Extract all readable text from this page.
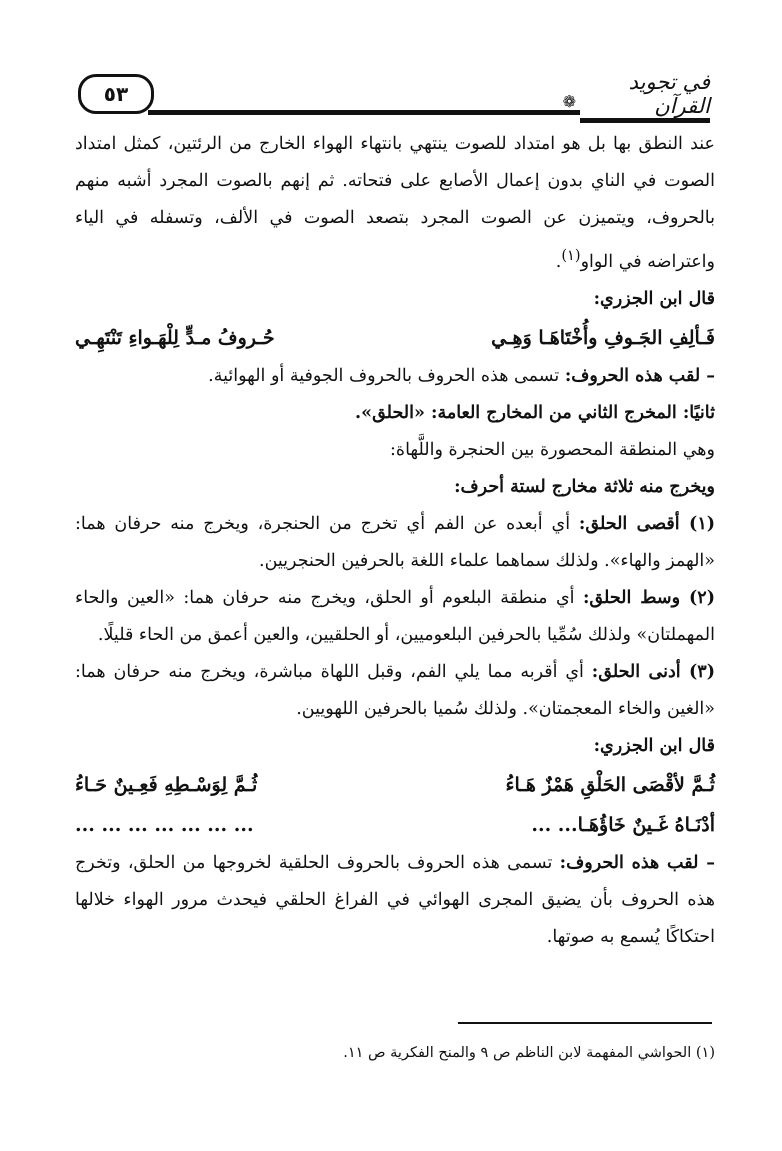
٥٣	❁
في تجويد القرآن

عند النطق بها بل هو امتداد للصوت ينتهي بانتهاء الهواء الخارج من الرئتين، كمثل امتداد الصوت في الناي بدون إعمال الأصابع على فتحاته. ثم إنهم بالصوت المجرد أشبه منهم بالحروف، ويتميزن عن الصوت المجرد بتصعد الصوت في الألف، وتسفله في الياء واعتراضه في الواو$^{(١)}$.

قال ابن الجزري:

فَـألِفِ الجَـوفِ وأُخْتَاهَـا وَهِـي
حُـروفُ مـدٍّ لِلْهَـواءِ تَنْتَهِـي

– لقب هذه الحروف: تسمى هذه الحروف بالحروف الجوفية أو الهوائية.

ثانيًا: المخرج الثاني من المخارج العامة: «الحلق».

وهي المنطقة المحصورة بين الحنجرة واللَّهاة:

ويخرج منه ثلاثة مخارج لستة أحرف:

(١) أقصى الحلق: أي أبعده عن الفم أي تخرج من الحنجرة، ويخرج منه حرفان هما: «الهمز والهاء». ولذلك سماهما علماء اللغة بالحرفين الحنجريين.

(٢) وسط الحلق: أي منطقة البلعوم أو الحلق، ويخرج منه حرفان هما: «العين والحاء المهملتان» ولذلك سُمِّيا بالحرفين البلعوميين، أو الحلقيين، والعين أعمق من الحاء قليلًا.

(٣) أدنى الحلق: أي أقربه مما يلي الفم، وقبل اللهاة مباشرة، ويخرج منه حرفان هما: «الغين والخاء المعجمتان». ولذلك سُميا بالحرفين اللهويين.

قال ابن الجزري:

ثُـمَّ لأقْصَى الحَلْقِ هَمْزٌ هَـاءُ
ثُـمَّ لِوَسْـطِهِ فَعِـينٌ حَـاءُ
أدْنَـاهُ غَـينٌ خَاؤُهَـا... ...
... ... ... ... ... ... ...

– لقب هذه الحروف: تسمى هذه الحروف بالحروف الحلقية لخروجها من الحلق، وتخرج هذه الحروف بأن يضيق المجرى الهوائي في الفراغ الحلقي فيحدث مرور الهواء خلالها احتكاكًا يُسمع به صوتها.

(١) الحواشي المفهمة لابن الناظم ص ٩ والمنح الفكرية ص ١١.
